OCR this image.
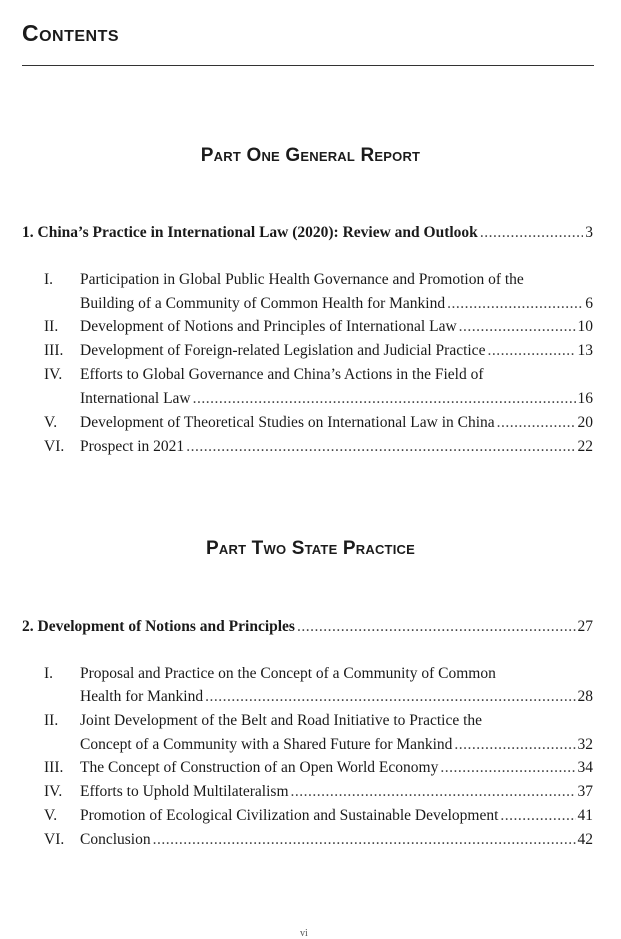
Contents
Part One General Report
1. China’s Practice in International Law (2020): Review and Outlook .....	3
I. Participation in Global Public Health Governance and Promotion of the
Building of a Community of Common Health for Mankind .....	6
II. Development of Notions and Principles of International Law .....	10
III. Development of Foreign-related Legislation and Judicial Practice .....	13
IV. Efforts to Global Governance and China’s Actions in the Field of
International Law .....	16
V. Development of Theoretical Studies on International Law in China .....	20
VI. Prospect in 2021 .....	22
Part Two State Practice
2. Development of Notions and Principles .....	27
I. Proposal and Practice on the Concept of a Community of Common
Health for Mankind .....	28
II. Joint Development of the Belt and Road Initiative to Practice the
Concept of a Community with a Shared Future for Mankind .....	32
III. The Concept of Construction of an Open World Economy .....	34
IV. Efforts to Uphold Multilateralism .....	37
V. Promotion of Ecological Civilization and Sustainable Development .....	41
VI. Conclusion .....	42
vi
